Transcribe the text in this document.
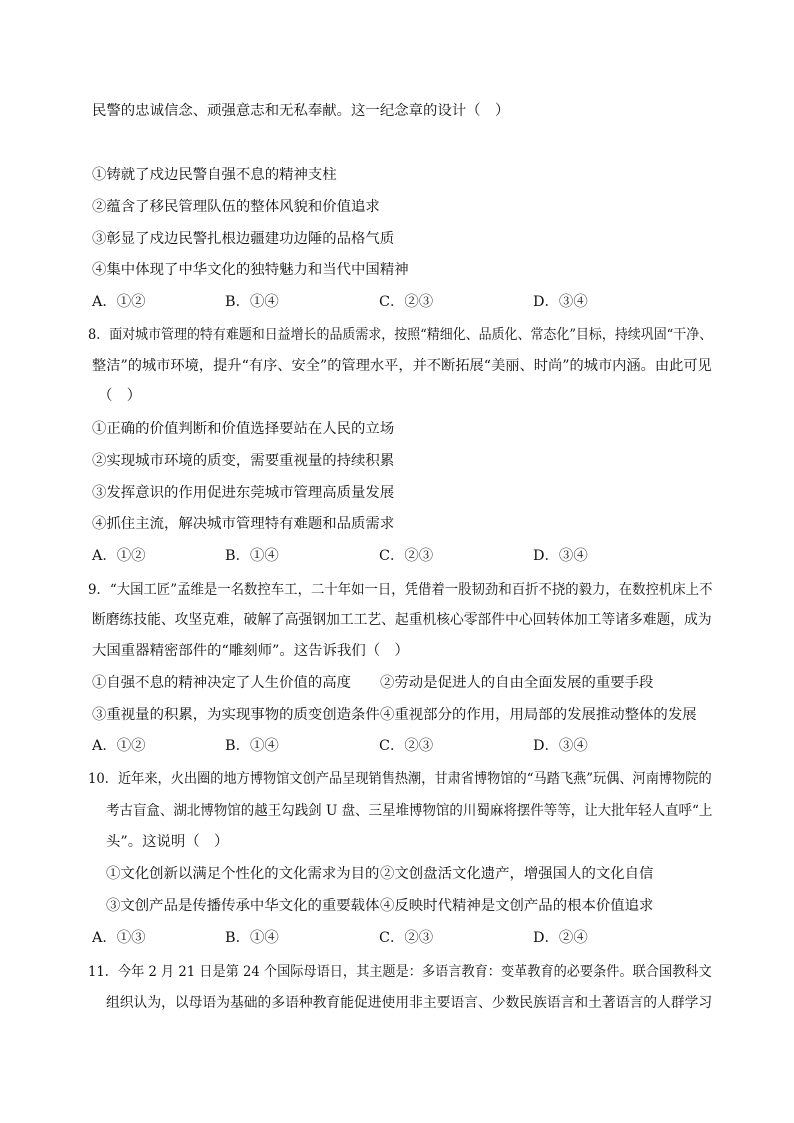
民警的忠诚信念、顽强意志和无私奉献。这一纪念章的设计（　）

①铸就了戍边民警自强不息的精神支柱

②蕴含了移民管理队伍的整体风貌和价值追求

③彰显了戍边民警扎根边疆建功边陲的品格气质

④集中体现了中华文化的独特魅力和当代中国精神

A．①②	B．①④	C．②③	D．③④

8．面对城市管理的特有难题和日益增长的品质需求，按照“精细化、品质化、常态化”目标，持续巩固“干净、

整洁”的城市环境，提升“有序、安全”的管理水平，并不断拓展“美丽、时尚”的城市内涵。由此可见

（　）

①正确的价值判断和价值选择要站在人民的立场

②实现城市环境的质变，需要重视量的持续积累

③发挥意识的作用促进东莞城市管理高质量发展

④抓住主流，解决城市管理特有难题和品质需求

A．①②	B．①④	C．②③	D．③④

9．“大国工匠”孟维是一名数控车工，二十年如一日，凭借着一股韧劲和百折不挠的毅力，在数控机床上不

断磨练技能、攻坚克难，破解了高强钢加工工艺、起重机核心零部件中心回转体加工等诸多难题，成为

大国重器精密部件的“雕刻师”。这告诉我们（　）

①自强不息的精神决定了人生价值的高度 ②劳动是促进人的自由全面发展的重要手段

③重视量的积累，为实现事物的质变创造条件 ④重视部分的作用，用局部的发展推动整体的发展

A．①②	B．①④	C．②③	D．③④

10．近年来，火出圈的地方博物馆文创产品呈现销售热潮，甘肃省博物馆的“马踏飞燕”玩偶、河南博物院的

考古盲盒、湖北博物馆的越王勾践剑 U 盘、三星堆博物馆的川蜀麻将摆件等等，让大批年轻人直呼“上

头”。这说明（　）

①文化创新以满足个性化的文化需求为目的 ②文创盘活文化遗产，增强国人的文化自信

③文创产品是传播传承中华文化的重要载体 ④反映时代精神是文创产品的根本价值追求

A．①③	B．①④	C．②③	D．②④

11．今年 2 月 21 日是第 24 个国际母语日，其主题是：多语言教育：变革教育的必要条件。联合国教科文

组织认为，以母语为基础的多语种教育能促进使用非主要语言、少数民族语言和土著语言的人群学习
